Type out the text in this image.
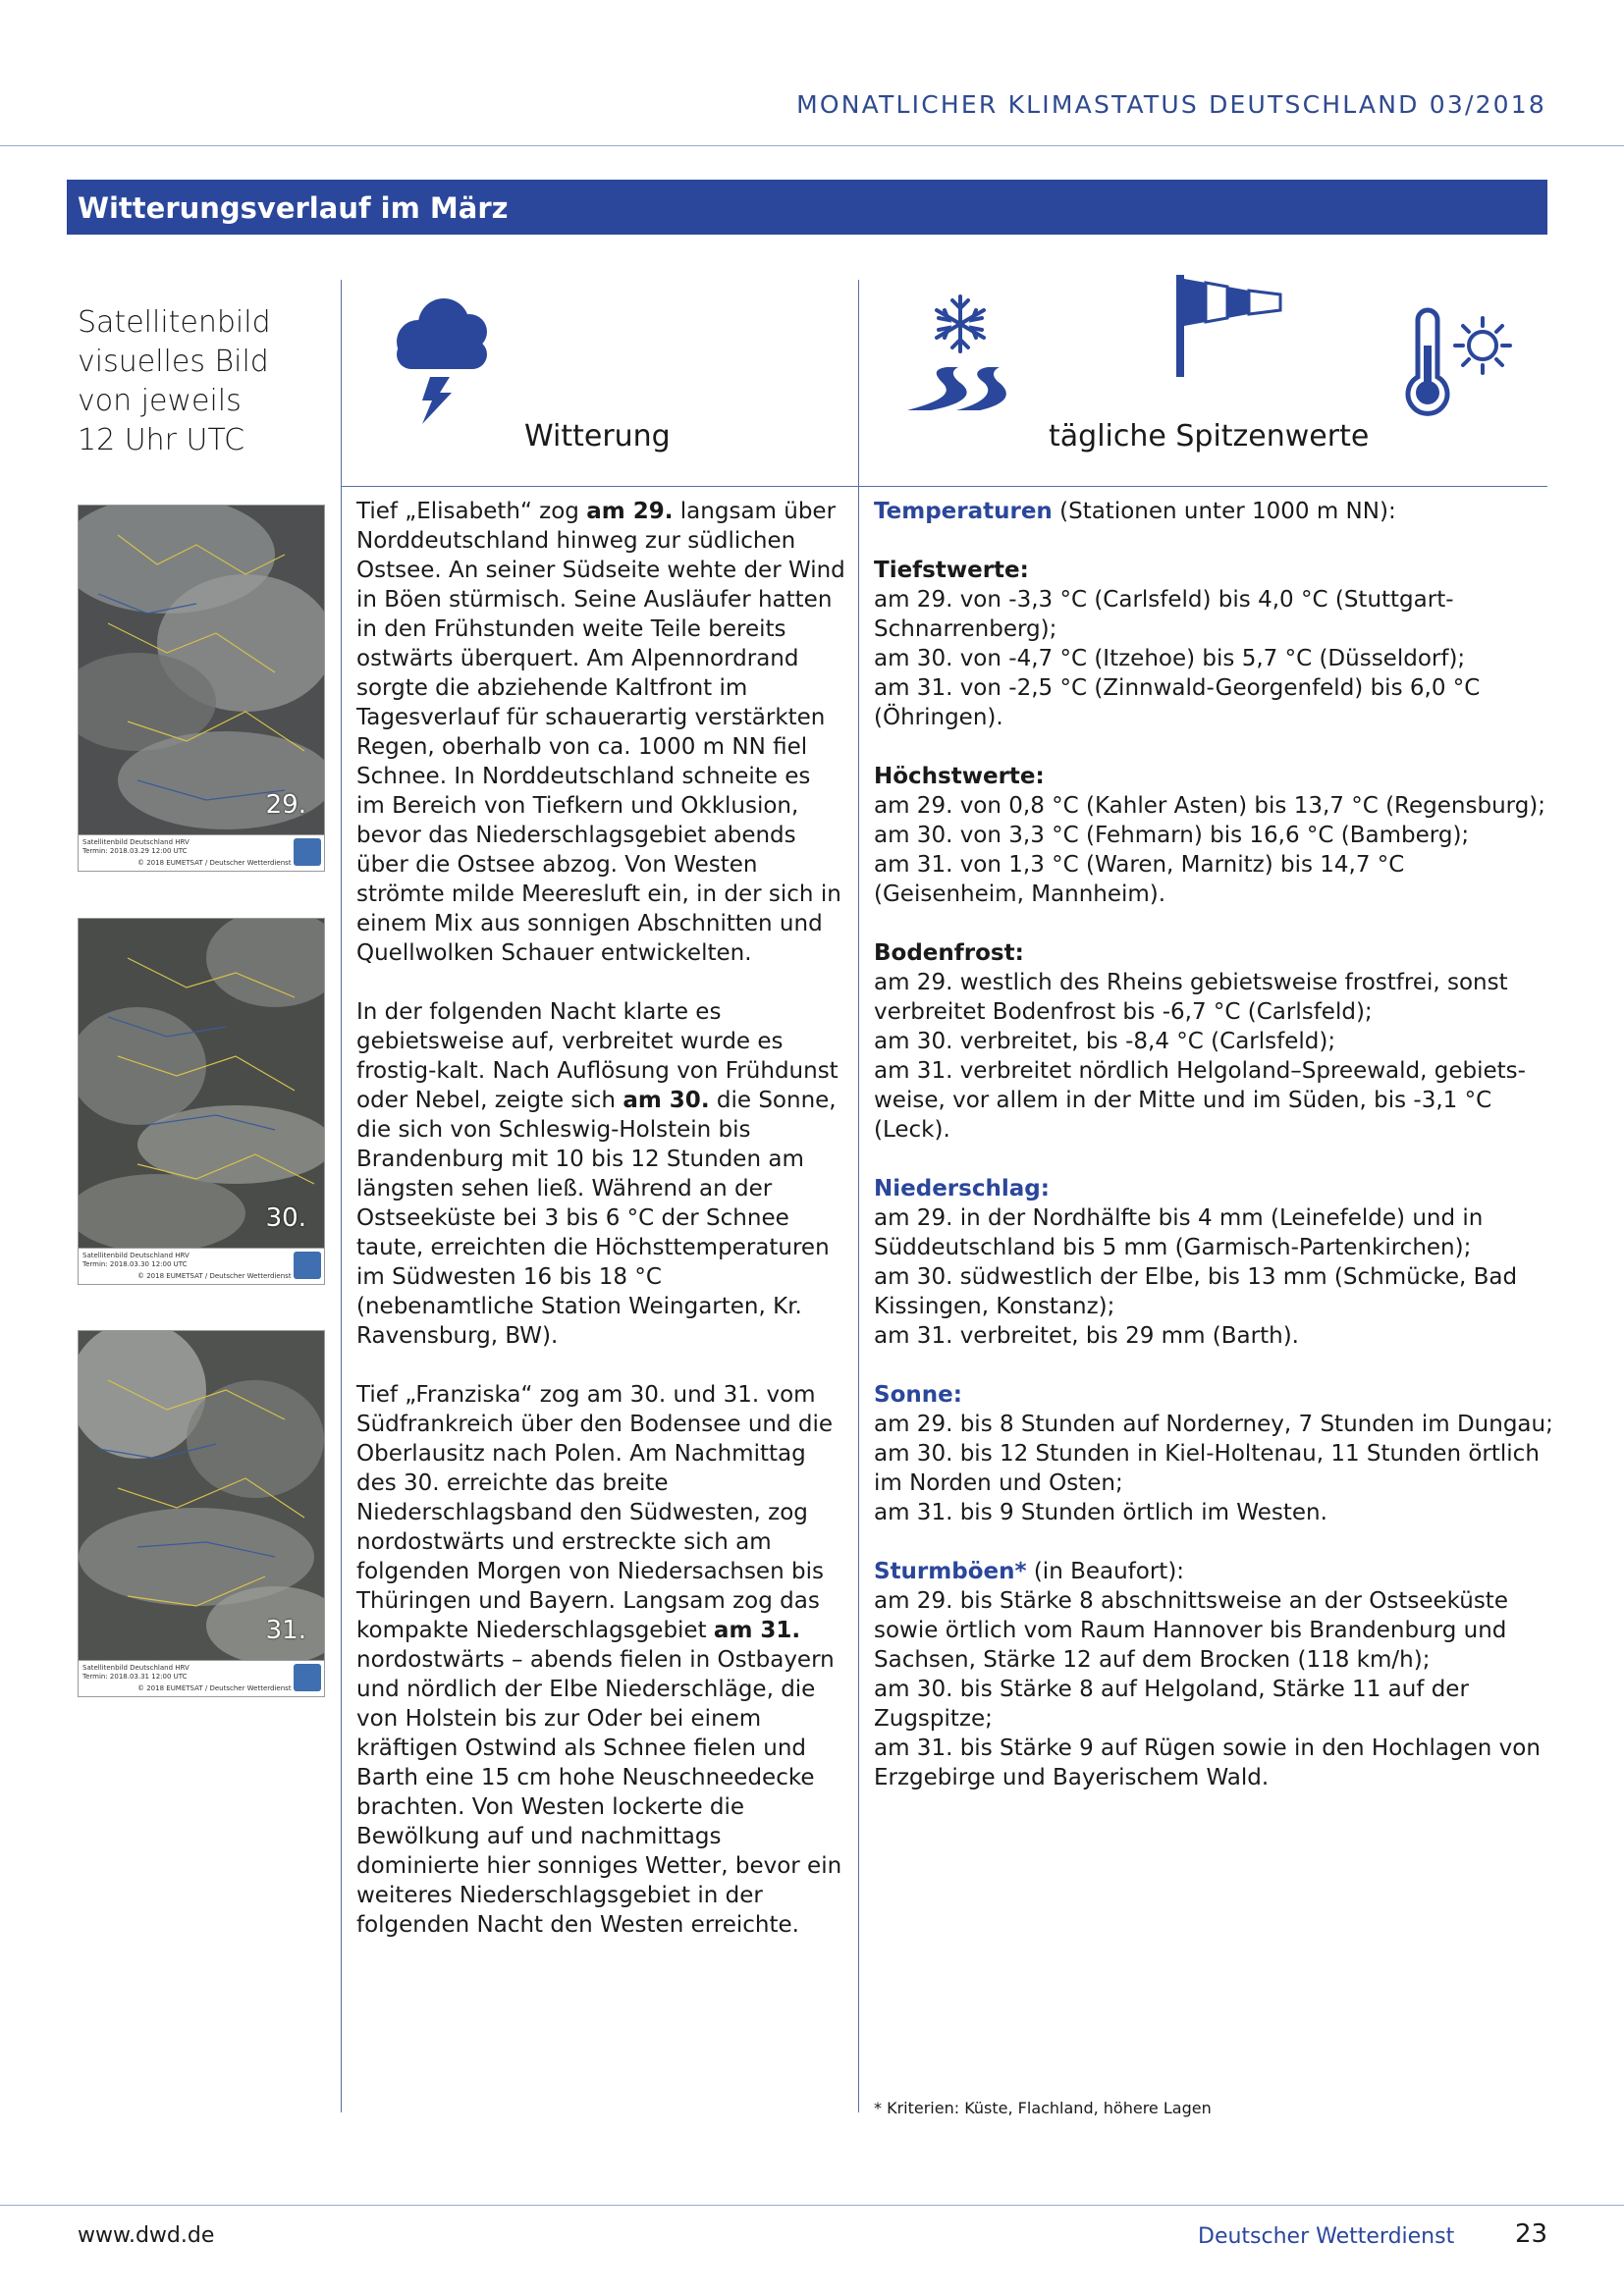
MONATLICHER KLIMASTATUS DEUTSCHLAND 03/2018
Witterungsverlauf im März
Satellitenbild
visuelles Bild
von jeweils
12 Uhr UTC	Witterung	tägliche Spitzenwerte
29.
Satellitenbild Deutschland HRV
Termin: 2018.03.29 12:00 UTC
© 2018 EUMETSAT / Deutscher Wetterdienst
30.
Satellitenbild Deutschland HRV
Termin: 2018.03.30 12:00 UTC
© 2018 EUMETSAT / Deutscher Wetterdienst
31.
Satellitenbild Deutschland HRV
Termin: 2018.03.31 12:00 UTC
© 2018 EUMETSAT / Deutscher Wetterdienst

Tief „Elisabeth“ zog am 29. langsam über Norddeutschland hinweg zur südlichen Ostsee. An seiner Südseite wehte der Wind in Böen stürmisch. Seine Ausläufer hatten in den Frühstunden weite Teile bereits ostwärts überquert. Am Alpennordrand sorgte die abziehende Kaltfront im Tagesverlauf für schauerartig verstärkten Regen, oberhalb von ca. 1000 m NN fiel Schnee. In Norddeutschland schneite es im Bereich von Tiefkern und Okklusion, bevor das Niederschlagsgebiet abends über die Ostsee abzog. Von Westen strömte milde Meeresluft ein, in der sich in einem Mix aus sonnigen Abschnitten und Quellwolken Schauer entwickelten.

In der folgenden Nacht klarte es gebietsweise auf, verbreitet wurde es frostig-kalt. Nach Auflösung von Frühdunst oder Nebel, zeigte sich am 30. die Sonne, die sich von Schleswig-Holstein bis Brandenburg mit 10 bis 12 Stunden am längsten sehen ließ. Während an der Ostseeküste bei 3 bis 6 °C der Schnee taute, erreichten die Höchsttemperaturen im Südwesten 16 bis 18 °C (nebenamtliche Station Weingarten, Kr. Ravensburg, BW).

Tief „Franziska“ zog am 30. und 31. vom Südfrankreich über den Bodensee und die Oberlausitz nach Polen. Am Nachmittag des 30. erreichte das breite Niederschlagsband den Südwesten, zog nordostwärts und erstreckte sich am folgenden Morgen von Niedersachsen bis Thüringen und Bayern. Langsam zog das kompakte Niederschlagsgebiet am 31. nordostwärts – abends fielen in Ostbayern und nördlich der Elbe Niederschläge, die von Holstein bis zur Oder bei einem kräftigen Ostwind als Schnee fielen und Barth eine 15 cm hohe Neuschneedecke brachten. Von Westen lockerte die Bewölkung auf und nachmittags dominierte hier sonniges Wetter, bevor ein weiteres Niederschlagsgebiet in der folgenden Nacht den Westen erreichte.

Temperaturen (Stationen unter 1000 m NN):
Tiefstwerte:
am 29. von -3,3 °C (Carlsfeld) bis 4,0 °C (Stuttgart-
Schnarrenberg);
am 30. von -4,7 °C (Itzehoe) bis 5,7 °C (Düsseldorf);
am 31. von -2,5 °C (Zinnwald-Georgenfeld) bis 6,0 °C
(Öhringen).
Höchstwerte:
am 29. von 0,8 °C (Kahler Asten) bis 13,7 °C (Regensburg);
am 30. von 3,3 °C (Fehmarn) bis 16,6 °C (Bamberg);
am 31. von 1,3 °C (Waren, Marnitz) bis 14,7 °C
(Geisenheim, Mannheim).
Bodenfrost:
am 29. westlich des Rheins gebietsweise frostfrei, sonst
verbreitet Bodenfrost bis -6,7 °C (Carlsfeld);
am 30. verbreitet, bis -8,4 °C (Carlsfeld);
am 31. verbreitet nördlich Helgoland–Spreewald, gebiets-
weise, vor allem in der Mitte und im Süden, bis -3,1 °C
(Leck).
Niederschlag:
am 29. in der Nordhälfte bis 4 mm (Leinefelde) und in
Süddeutschland bis 5 mm (Garmisch-Partenkirchen);
am 30. südwestlich der Elbe, bis 13 mm (Schmücke, Bad
Kissingen, Konstanz);
am 31. verbreitet, bis 29 mm (Barth).
Sonne:
am 29. bis 8 Stunden auf Norderney, 7 Stunden im Dungau;
am 30. bis 12 Stunden in Kiel-Holtenau, 11 Stunden örtlich
im Norden und Osten;
am 31. bis 9 Stunden örtlich im Westen.
Sturmböen* (in Beaufort):
am 29. bis Stärke 8 abschnittsweise an der Ostseeküste
sowie örtlich vom Raum Hannover bis Brandenburg und
Sachsen, Stärke 12 auf dem Brocken (118 km/h);
am 30. bis Stärke 8 auf Helgoland, Stärke 11 auf der
Zugspitze;
am 31. bis Stärke 9 auf Rügen sowie in den Hochlagen von
Erzgebirge und Bayerischem Wald.
* Kriterien: Küste, Flachland, höhere Lagen
www.dwd.de	Deutscher Wetterdienst 23
